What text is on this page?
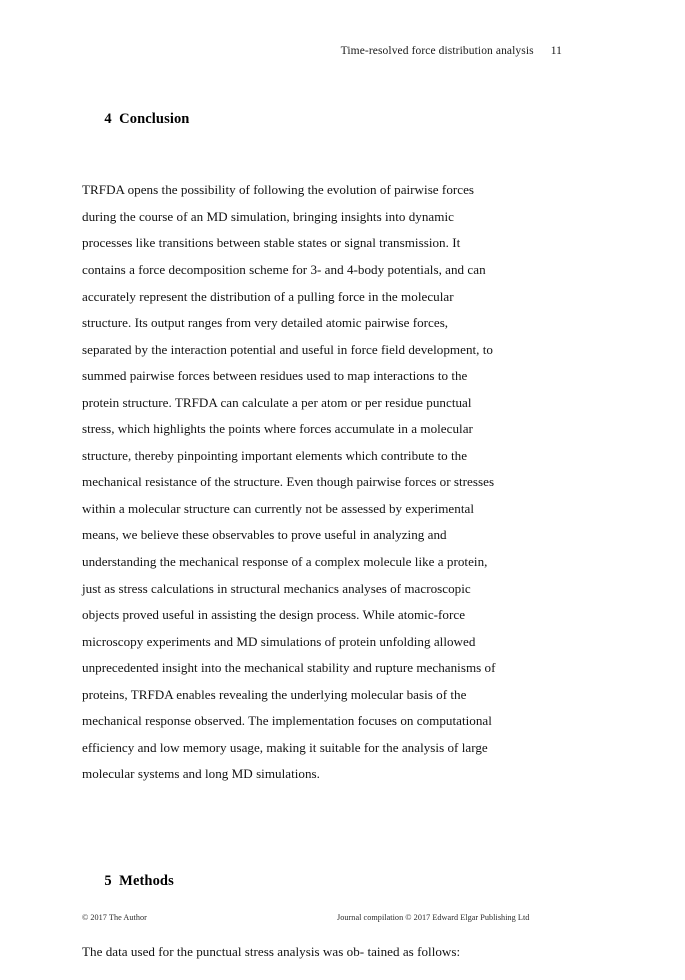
Time-resolved force distribution analysis 11

4 Conclusion

TRFDA opens the possibility of following the evolution of pairwise forces
during the course of an MD simulation, bringing insights into dynamic
processes like transitions between stable states or signal transmission. It
contains a force decomposition scheme for 3- and 4-body potentials, and can
accurately represent the distribution of a pulling force in the molecular
structure. Its output ranges from very detailed atomic pairwise forces,
separated by the interaction potential and useful in force field development, to
summed pairwise forces between residues used to map interactions to the
protein structure. TRFDA can calculate a per atom or per residue punctual
stress, which highlights the points where forces accumulate in a molecular
structure, thereby pinpointing important elements which contribute to the
mechanical resistance of the structure. Even though pairwise forces or stresses
within a molecular structure can currently not be assessed by experimental
means, we believe these observables to prove useful in analyzing and
understanding the mechanical response of a complex molecule like a protein,
just as stress calculations in structural mechanics analyses of macroscopic
objects proved useful in assisting the design process. While atomic-force
microscopy experiments and MD simulations of protein unfolding allowed
unprecedented insight into the mechanical stability and rupture mechanisms of
proteins, TRFDA enables revealing the underlying molecular basis of the
mechanical response observed. The implementation focuses on computational
efficiency and low memory usage, making it suitable for the analysis of large
molecular systems and long MD simulations.

5 Methods

The data used for the punctual stress analysis was ob- tained as follows:

© 2017 The Author	Journal compilation © 2017 Edward Elgar Publishing Ltd
